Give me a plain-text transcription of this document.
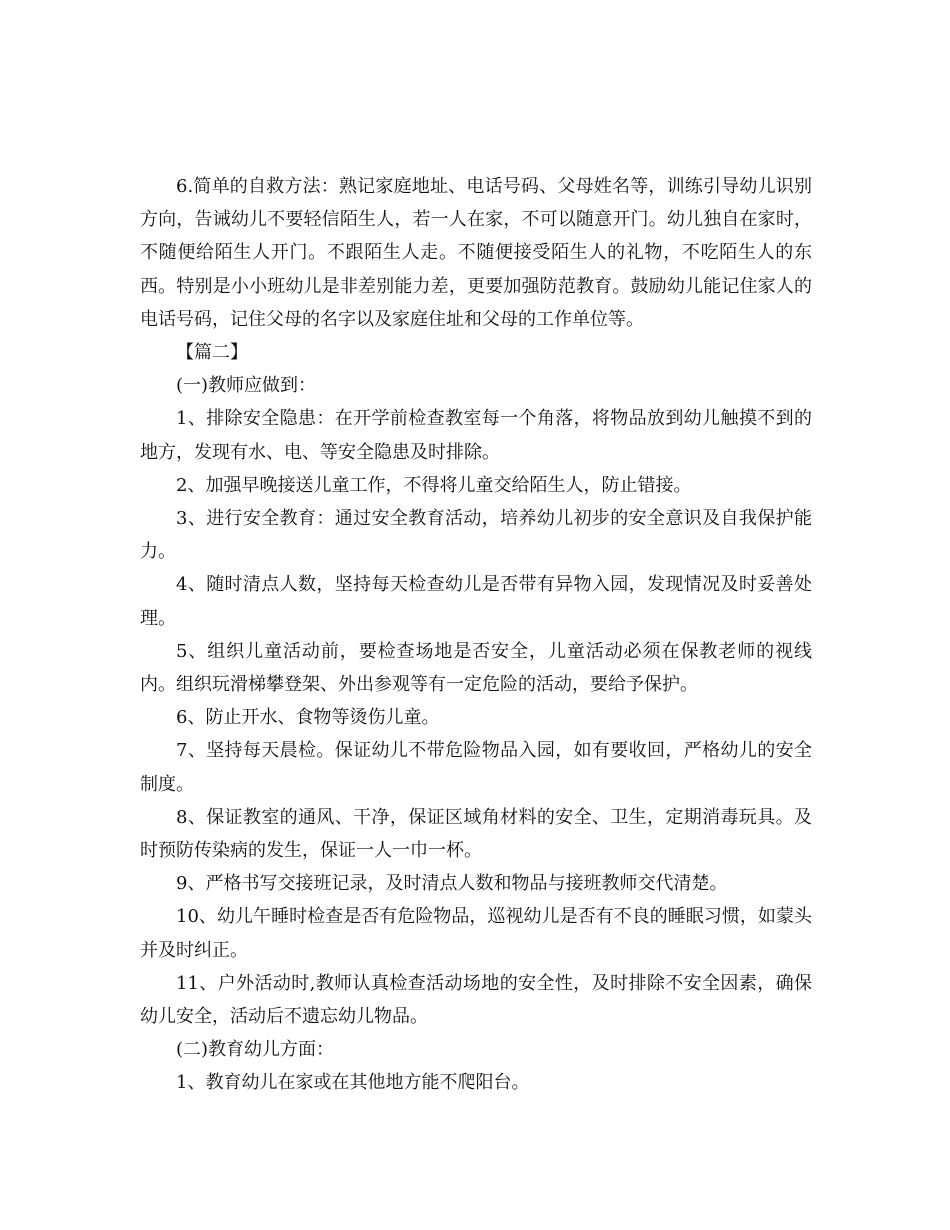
6.简单的自救方法：熟记家庭地址、电话号码、父母姓名等，训练引导幼儿识别方向，告诫幼儿不要轻信陌生人，若一人在家，不可以随意开门。幼儿独自在家时，不随便给陌生人开门。不跟陌生人走。不随便接受陌生人的礼物，不吃陌生人的东西。特别是小小班幼儿是非差别能力差，更要加强防范教育。鼓励幼儿能记住家人的电话号码，记住父母的名字以及家庭住址和父母的工作单位等。

【篇二】

(一)教师应做到：

1、排除安全隐患：在开学前检查教室每一个角落，将物品放到幼儿触摸不到的地方，发现有水、电、等安全隐患及时排除。

2、加强早晚接送儿童工作，不得将儿童交给陌生人，防止错接。

3、进行安全教育：通过安全教育活动，培养幼儿初步的安全意识及自我保护能力。

4、随时清点人数，坚持每天检查幼儿是否带有异物入园，发现情况及时妥善处理。

5、组织儿童活动前，要检查场地是否安全，儿童活动必须在保教老师的视线内。组织玩滑梯攀登架、外出参观等有一定危险的活动，要给予保护。

6、防止开水、食物等烫伤儿童。

7、坚持每天晨检。保证幼儿不带危险物品入园，如有要收回，严格幼儿的安全制度。

8、保证教室的通风、干净，保证区域角材料的安全、卫生，定期消毒玩具。及时预防传染病的发生，保证一人一巾一杯。

9、严格书写交接班记录，及时清点人数和物品与接班教师交代清楚。

10、幼儿午睡时检查是否有危险物品，巡视幼儿是否有不良的睡眠习惯，如蒙头并及时纠正。

11、户外活动时,教师认真检查活动场地的安全性，及时排除不安全因素，确保幼儿安全，活动后不遗忘幼儿物品。

(二)教育幼儿方面：

1、教育幼儿在家或在其他地方能不爬阳台。
